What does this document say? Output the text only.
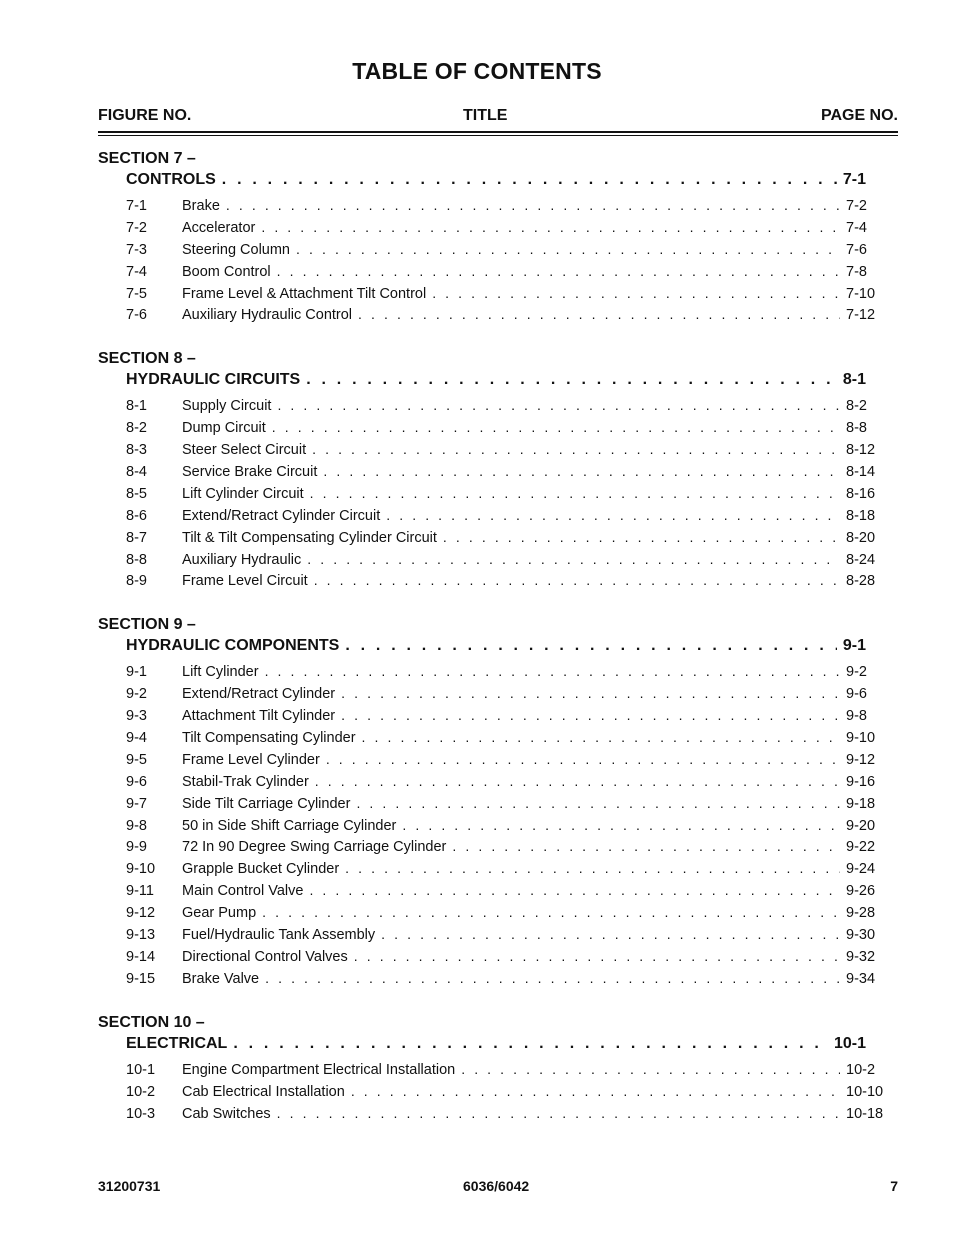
TABLE OF CONTENTS
FIGURE NO.	TITLE	PAGE NO.
SECTION 7 –
CONTROLS . . .	7-1
7-1	Brake . . .	7-2
7-2	Accelerator . . .	7-4
7-3	Steering Column . . .	7-6
7-4	Boom Control . . .	7-8
7-5	Frame Level & Attachment Tilt Control . . .	7-10
7-6	Auxiliary Hydraulic Control . . .	7-12
SECTION 8 –
HYDRAULIC CIRCUITS . . .	8-1
8-1	Supply Circuit . . .	8-2
8-2	Dump Circuit . . .	8-8
8-3	Steer Select Circuit . . .	8-12
8-4	Service Brake Circuit . . .	8-14
8-5	Lift Cylinder Circuit . . .	8-16
8-6	Extend/Retract Cylinder Circuit . . .	8-18
8-7	Tilt & Tilt Compensating Cylinder Circuit . . .	8-20
8-8	Auxiliary Hydraulic . . .	8-24
8-9	Frame Level Circuit . . .	8-28
SECTION 9 –
HYDRAULIC COMPONENTS . . .	9-1
9-1	Lift Cylinder . . .	9-2
9-2	Extend/Retract Cylinder . . .	9-6
9-3	Attachment Tilt Cylinder . . .	9-8
9-4	Tilt Compensating Cylinder . . .	9-10
9-5	Frame Level Cylinder . . .	9-12
9-6	Stabil-Trak Cylinder . . .	9-16
9-7	Side Tilt Carriage Cylinder . . .	9-18
9-8	50 in Side Shift Carriage Cylinder . . .	9-20
9-9	72 In 90 Degree Swing Carriage Cylinder . . .	9-22
9-10	Grapple Bucket Cylinder . . .	9-24
9-11	Main Control Valve . . .	9-26
9-12	Gear Pump . . .	9-28
9-13	Fuel/Hydraulic Tank Assembly . . .	9-30
9-14	Directional Control Valves . . .	9-32
9-15	Brake Valve . . .	9-34
SECTION 10 –
ELECTRICAL . . .	10-1
10-1	Engine Compartment Electrical Installation . . .	10-2
10-2	Cab Electrical Installation . . .	10-10
10-3	Cab Switches . . .	10-18
31200731	6036/6042	7
